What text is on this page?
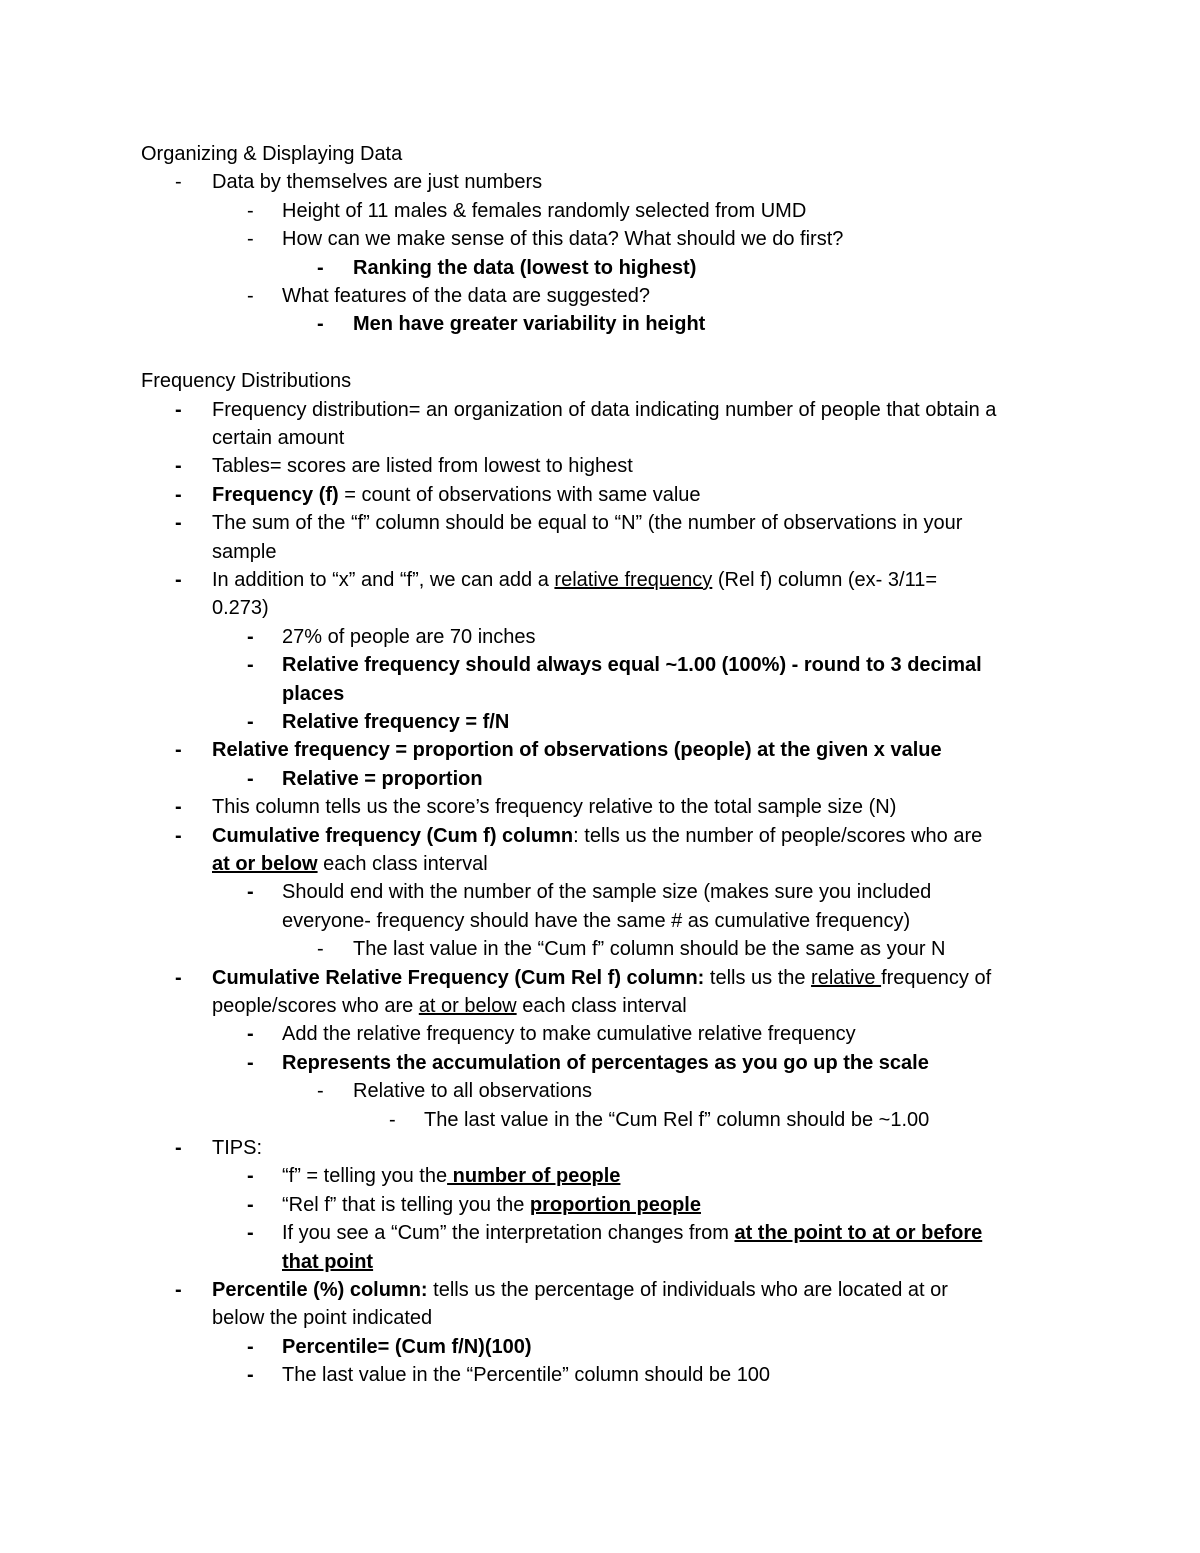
Organizing & Displaying Data
- Data by themselves are just numbers
- Height of 11 males & females randomly selected from UMD
- How can we make sense of this data? What should we do first?
- Ranking the data (lowest to highest)
- What features of the data are suggested?
- Men have greater variability in height
Frequency Distributions
- Frequency distribution= an organization of data indicating number of people that obtain a
certain amount
- Tables= scores are listed from lowest to highest
- Frequency (f) = count of observations with same value
- The sum of the “f” column should be equal to “N” (the number of observations in your
sample
- In addition to “x” and “f”, we can add a relative frequency (Rel f) column (ex- 3/11=
0.273)
- 27% of people are 70 inches
- Relative frequency should always equal ~1.00 (100%) - round to 3 decimal
places
- Relative frequency = f/N
- Relative frequency = proportion of observations (people) at the given x value
- Relative = proportion
- This column tells us the score’s frequency relative to the total sample size (N)
- Cumulative frequency (Cum f) column: tells us the number of people/scores who are
at or below each class interval
- Should end with the number of the sample size (makes sure you included
everyone- frequency should have the same # as cumulative frequency)
- The last value in the “Cum f” column should be the same as your N
- Cumulative Relative Frequency (Cum Rel f) column: tells us the relative frequency of
people/scores who are at or below each class interval
- Add the relative frequency to make cumulative relative frequency
- Represents the accumulation of percentages as you go up the scale
- Relative to all observations
- The last value in the “Cum Rel f” column should be ~1.00
- TIPS:
- “f” = telling you the number of people
- “Rel f” that is telling you the proportion people
- If you see a “Cum” the interpretation changes from at the point to at or before
that point
- Percentile (%) column: tells us the percentage of individuals who are located at or
below the point indicated
- Percentile= (Cum f/N)(100)
- The last value in the “Percentile” column should be 100
